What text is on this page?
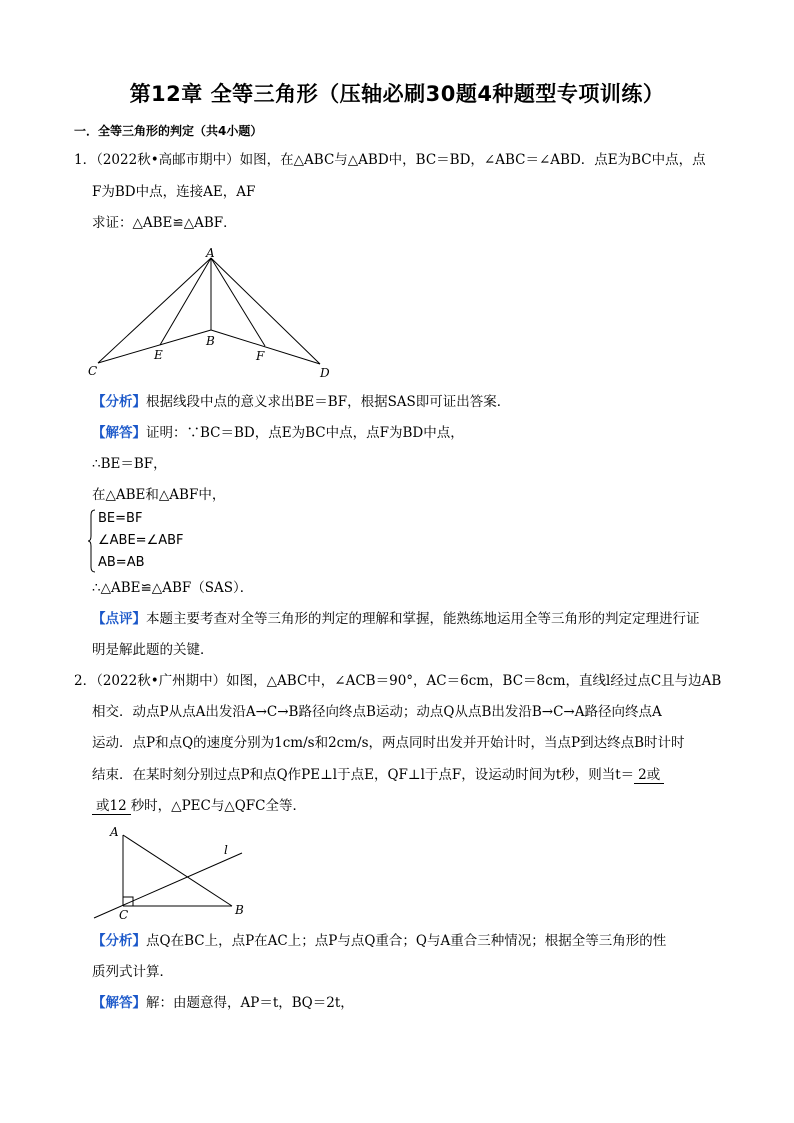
第12章 全等三角形（压轴必刷30题4种题型专项训练）
一．全等三角形的判定（共4小题）
1．（2022秋•高邮市期中）如图，在△ABC与△ABD中，BC＝BD，∠ABC＝∠ABD．点E为BC中点，点
F为BD中点，连接AE，AF
求证：△ABE≌△ABF．
A
B
C	D
E	F
【分析】根据线段中点的意义求出BE＝BF，根据SAS即可证出答案．
【解答】证明：∵BC＝BD，点E为BC中点，点F为BD中点，
∴BE＝BF，
在△ABE和△ABF中，
BE=BF
∠ABE=∠ABF
AB=AB
∴△ABE≌△ABF（SAS）．
【点评】本题主要考查对全等三角形的判定的理解和掌握，能熟练地运用全等三角形的判定定理进行证
明是解此题的关键．
2．（2022秋•广州期中）如图，△ABC中，∠ACB＝90°，AC＝6cm，BC＝8cm，直线l经过点C且与边AB
相交．动点P从点A出发沿A→C→B路径向终点B运动；动点Q从点B出发沿B→C→A路径向终点A
运动．点P和点Q的速度分别为1cm/s和2cm/s，两点同时出发并开始计时，当点P到达终点B时计时
结束．在某时刻分别过点P和点Q作PE⊥l于点E，QF⊥l于点F，设运动时间为t秒，则当t＝ 2或
或12 秒时，△PEC与△QFC全等．
A
B
C
l
【分析】点Q在BC上，点P在AC上；点P与点Q重合；Q与A重合三种情况；根据全等三角形的性
质列式计算．
【解答】解：由题意得，AP＝t，BQ＝2t，
